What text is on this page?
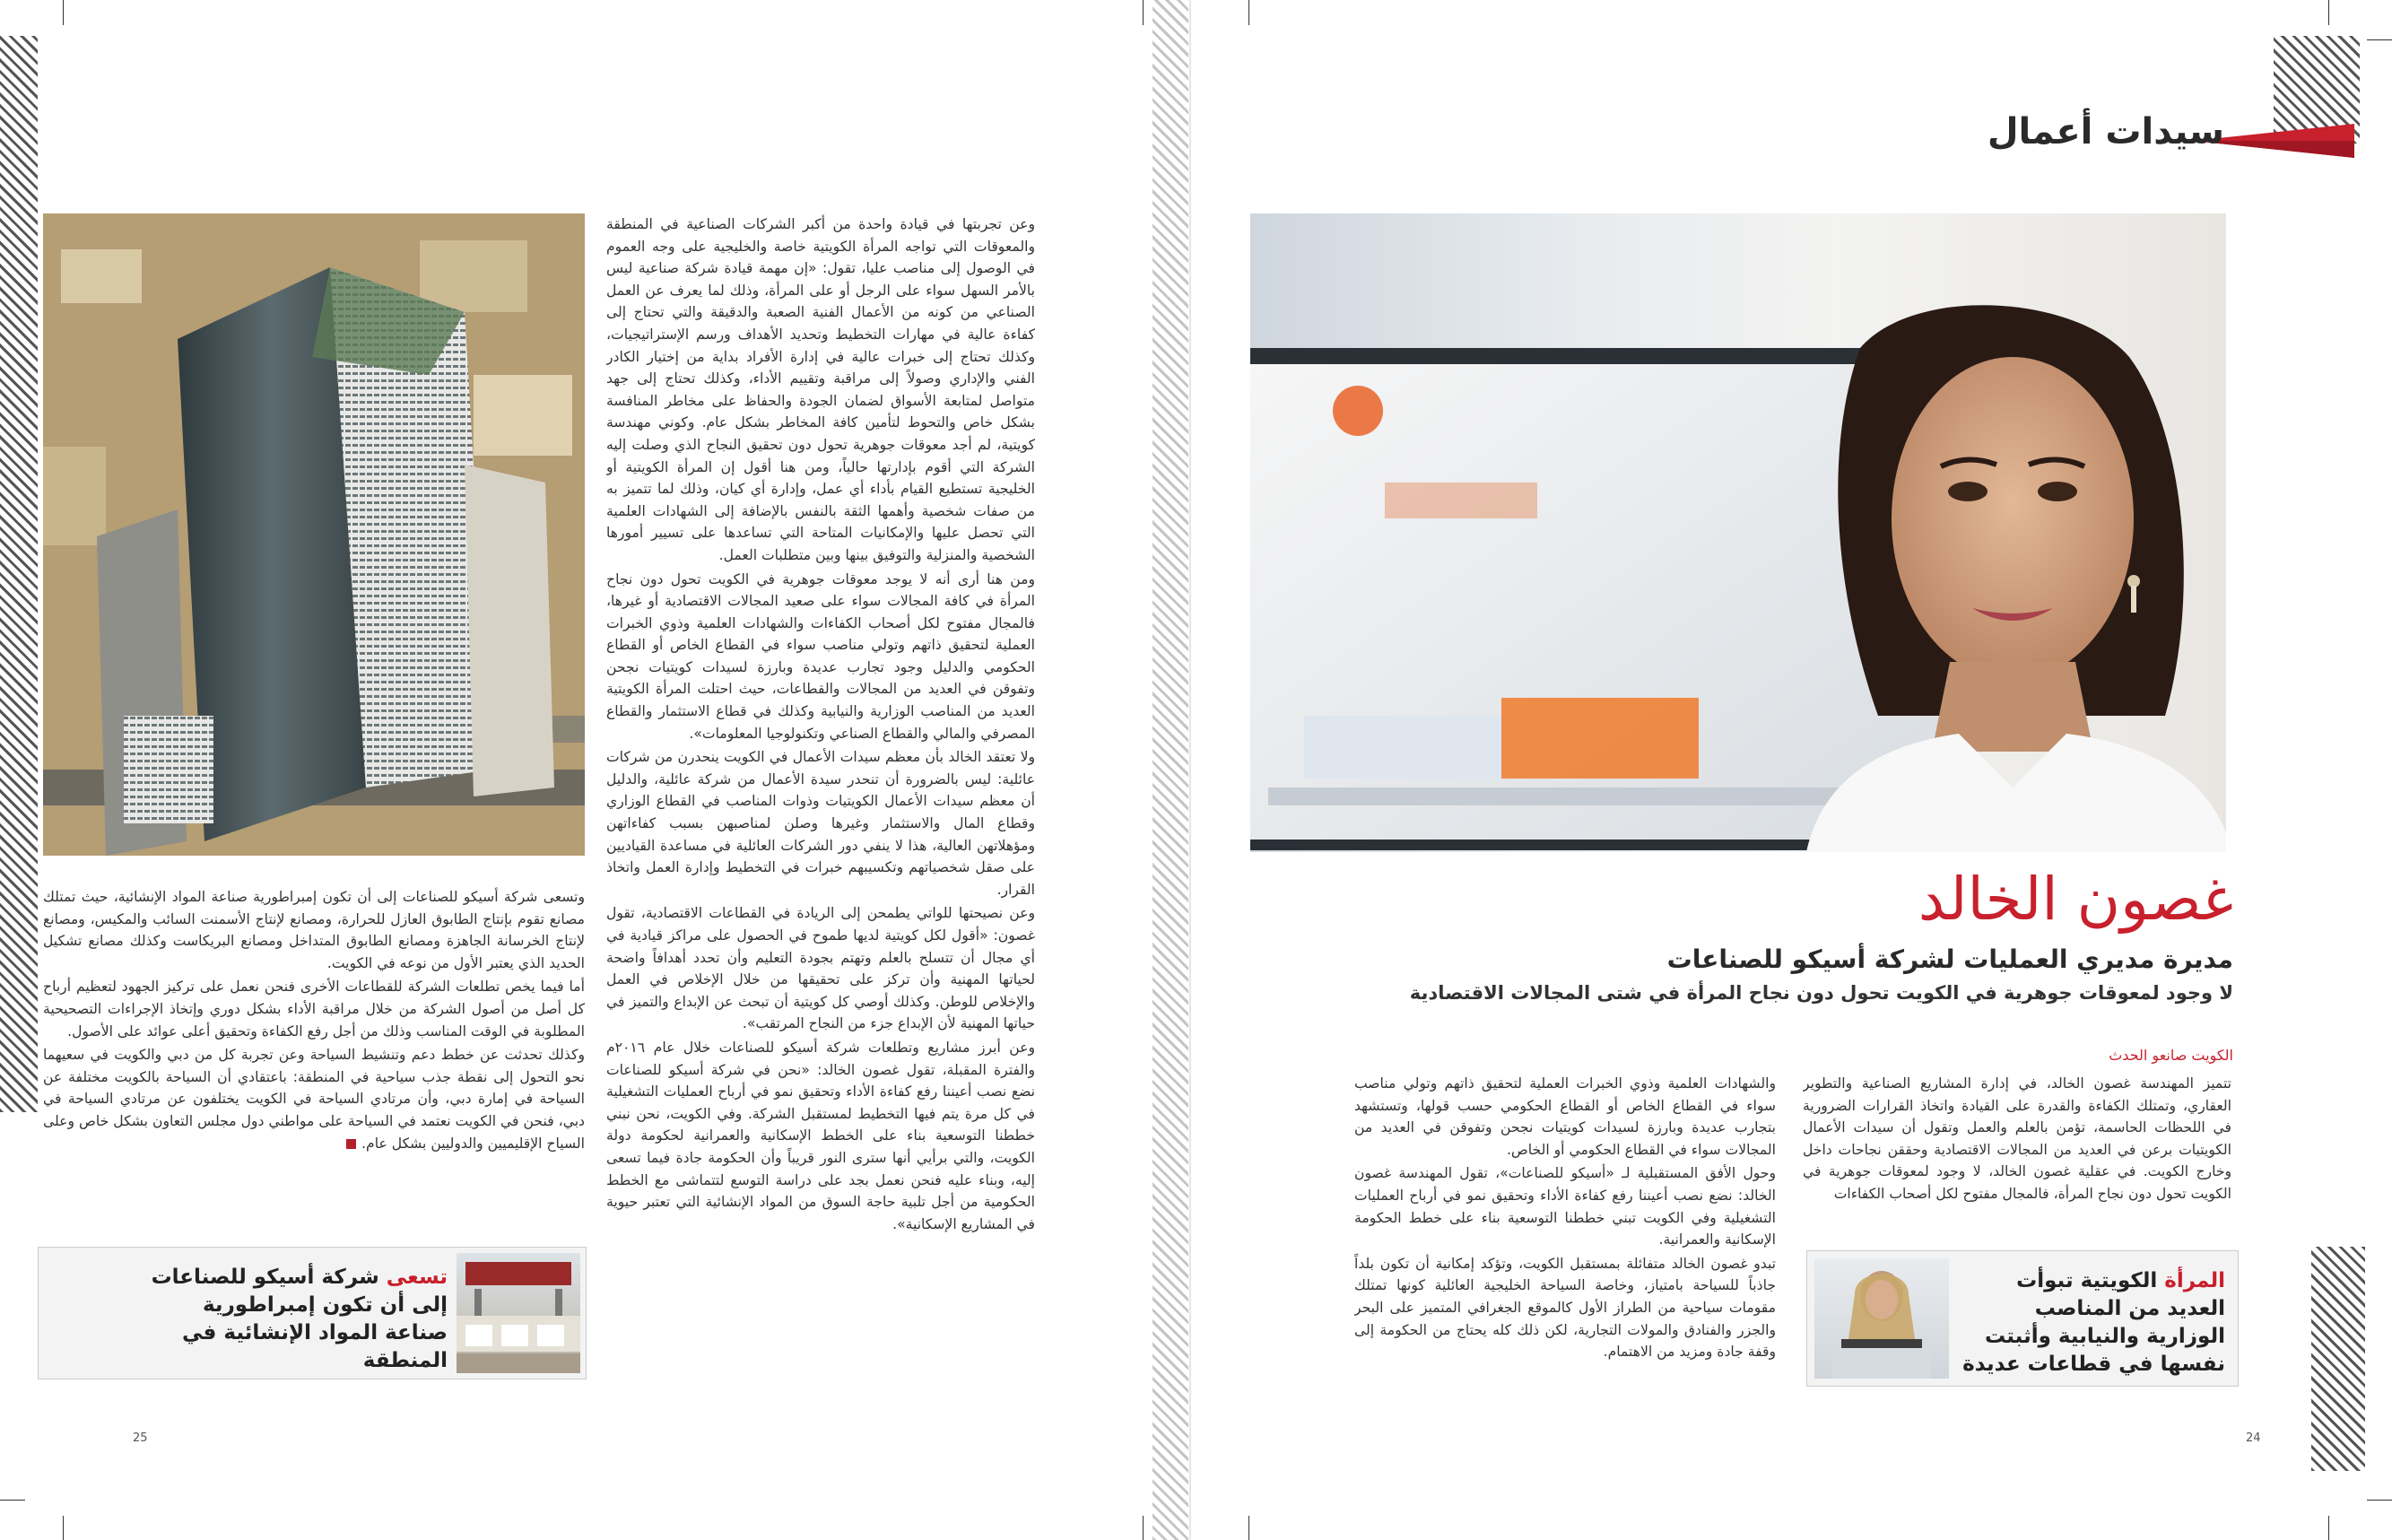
سيدات أعمال
غصون الخالد
مديرة مديري العمليات لشركة أسيكو للصناعات
لا وجود لمعوقات جوهرية في الكويت تحول دون نجاح المرأة في شتى المجالات الاقتصادية
الكويت صانعو الحدث

تتميز المهندسة غصون الخالد، في إدارة المشاريع الصناعية والتطوير العقاري، وتمتلك الكفاءة والقدرة على القيادة واتخاذ القرارات الضرورية في اللحظات الحاسمة، تؤمن بالعلم والعمل وتقول أن سيدات الأعمال الكويتيات برعن في العديد من المجالات الاقتصادية وحققن نجاحات داخل وخارج الكويت. في عقلية غصون الخالد، لا وجود لمعوقات جوهرية في الكويت تحول دون نجاح المرأة، فالمجال مفتوح لكل أصحاب الكفاءات

والشهادات العلمية وذوي الخبرات العملية لتحقيق ذاتهم وتولي مناصب سواء في القطاع الخاص أو القطاع الحكومي حسب قولها، وتستشهد بتجارب عديدة وبارزة لسيدات كويتيات نجحن وتفوقن في العديد من المجالات سواء في القطاع الحكومي أو الخاص.

وحول الأفق المستقبلية لـ «أسيكو للصناعات»، تقول المهندسة غصون الخالد: نضع نصب أعيننا رفع كفاءة الأداء وتحقيق نمو في أرباح العمليات التشغيلية وفي الكويت تبني خططنا التوسعية بناء على خطط الحكومة الإسكانية والعمرانية.

تبدو غصون الخالد متفائلة بمستقبل الكويت، وتؤكد إمكانية أن تكون بلداً جاذباً للسياحة بامتياز، وخاصة السياحة الخليجية العائلية كونها تمتلك مقومات سياحية من الطراز الأول كالموقع الجغرافي المتميز على البحر والجزر والفنادق والمولات التجارية، لكن ذلك كله يحتاج من الحكومة إلى وقفة جادة ومزيد من الاهتمام.

المرأة الكويتية تبوأت العديد من المناصب الوزارية والنيابية وأثبتت نفسها في قطاعات عديدة
24

وعن تجربتها في قيادة واحدة من أكبر الشركات الصناعية في المنطقة والمعوقات التي تواجه المرأة الكويتية خاصة والخليجية على وجه العموم في الوصول إلى مناصب عليا، تقول: «إن مهمة قيادة شركة صناعية ليس بالأمر السهل سواء على الرجل أو على المرأة، وذلك لما يعرف عن العمل الصناعي من كونه من الأعمال الفنية الصعبة والدقيقة والتي تحتاج إلى كفاءة عالية في مهارات التخطيط وتحديد الأهداف ورسم الإستراتيجيات، وكذلك تحتاج إلى خبرات عالية في إدارة الأفراد بداية من إختيار الكادر الفني والإداري وصولاً إلى مراقبة وتقييم الأداء، وكذلك تحتاج إلى جهد متواصل لمتابعة الأسواق لضمان الجودة والحفاظ على مخاطر المنافسة بشكل خاص والتحوط لتأمين كافة المخاطر بشكل عام. وكوني مهندسة كويتية، لم أجد معوقات جوهرية تحول دون تحقيق النجاح الذي وصلت إليه الشركة التي أقوم بإدارتها حالياً، ومن هنا أقول إن المرأة الكويتية أو الخليجية تستطيع القيام بأداء أي عمل، وإدارة أي كيان، وذلك لما تتميز به من صفات شخصية وأهمها الثقة بالنفس بالإضافة إلى الشهادات العلمية التي تحصل عليها والإمكانيات المتاحة التي تساعدها على تسيير أمورها الشخصية والمنزلية والتوفيق بينها وبين متطلبات العمل.

ومن هنا أرى أنه لا يوجد معوقات جوهرية في الكويت تحول دون نجاح المرأة في كافة المجالات سواء على صعيد المجالات الاقتصادية أو غيرها، فالمجال مفتوح لكل أصحاب الكفاءات والشهادات العلمية وذوي الخبرات العملية لتحقيق ذاتهم وتولي مناصب سواء في القطاع الخاص أو القطاع الحكومي والدليل وجود تجارب عديدة وبارزة لسيدات كويتيات نجحن وتفوقن في العديد من المجالات والقطاعات، حيث احتلت المرأة الكويتية العديد من المناصب الوزارية والنيابية وكذلك في قطاع الاستثمار والقطاع المصرفي والمالي والقطاع الصناعي وتكنولوجيا المعلومات».

ولا تعتقد الخالد بأن معظم سيدات الأعمال في الكويت ينحدرن من شركات عائلية: ليس بالضرورة أن تنحدر سيدة الأعمال من شركة عائلية، والدليل أن معظم سيدات الأعمال الكويتيات وذوات المناصب في القطاع الوزاري وقطاع المال والاستثمار وغيرها وصلن لمناصبهن بسبب كفاءاتهن ومؤهلاتهن العالية، هذا لا ينفي دور الشركات العائلية في مساعدة القياديين على صقل شخصياتهم وتكسيبهم خبرات في التخطيط وإدارة العمل واتخاذ القرار.

وعن نصيحتها للواتي يطمحن إلى الريادة في القطاعات الاقتصادية، تقول غصون: «أقول لكل كويتية لديها طموح في الحصول على مراكز قيادية في أي مجال أن تتسلح بالعلم وتهتم بجودة التعليم وأن تحدد أهدافاً واضحة لحياتها المهنية وأن تركز على تحقيقها من خلال الإخلاص في العمل والإخلاص للوطن. وكذلك أوصي كل كويتية أن تبحث عن الإبداع والتميز في حياتها المهنية لأن الإبداع جزء من النجاح المرتقب».

وعن أبرز مشاريع وتطلعات شركة أسيكو للصناعات خلال عام ٢٠١٦م والفترة المقبلة، تقول غصون الخالد: «نحن في شركة أسيكو للصناعات نضع نصب أعيننا رفع كفاءة الأداء وتحقيق نمو في أرباح العمليات التشغيلية في كل مرة يتم فيها التخطيط لمستقبل الشركة. وفي الكويت، نحن نبني خططنا التوسعية بناء على الخطط الإسكانية والعمرانية لحكومة دولة الكويت، والتي برأيي أنها سترى النور قريباً وأن الحكومة جادة فيما تسعى إليه، وبناء عليه فنحن نعمل بجد على دراسة التوسع لتتماشى مع الخطط الحكومية من أجل تلبية حاجة السوق من المواد الإنشائية التي تعتبر حيوية في المشاريع الإسكانية».

وتسعى شركة أسيكو للصناعات إلى أن تكون إمبراطورية صناعة المواد الإنشائية، حيث تمتلك مصانع تقوم بإنتاج الطابوق العازل للحرارة، ومصانع لإنتاج الأسمنت السائب والمكيس، ومصانع لإنتاج الخرسانة الجاهزة ومصانع الطابوق المتداخل ومصانع البريكاست وكذلك مصانع تشكيل الحديد الذي يعتبر الأول من نوعه في الكويت.

أما فيما يخص تطلعات الشركة للقطاعات الأخرى فنحن نعمل على تركيز الجهود لتعظيم أرباح كل أصل من أصول الشركة من خلال مراقبة الأداء بشكل دوري وإتخاذ الإجراءات التصحيحية المطلوبة في الوقت المناسب وذلك من أجل رفع الكفاءة وتحقيق أعلى عوائد على الأصول.

وكذلك تحدثت عن خطط دعم وتنشيط السياحة وعن تجربة كل من دبي والكويت في سعيهما نحو التحول إلى نقطة جذب سياحية في المنطقة: باعتقادي أن السياحة بالكويت مختلفة عن السياحة في إمارة دبي، وأن مرتادي السياحة في الكويت يختلفون عن مرتادي السياحة في دبي، فنحن في الكويت نعتمد في السياحة على مواطني دول مجلس التعاون بشكل خاص وعلى السياح الإقليميين والدوليين بشكل عام.

تسعى شركة أسيكو للصناعات إلى أن تكون إمبراطورية صناعة المواد الإنشائية في المنطقة
25
